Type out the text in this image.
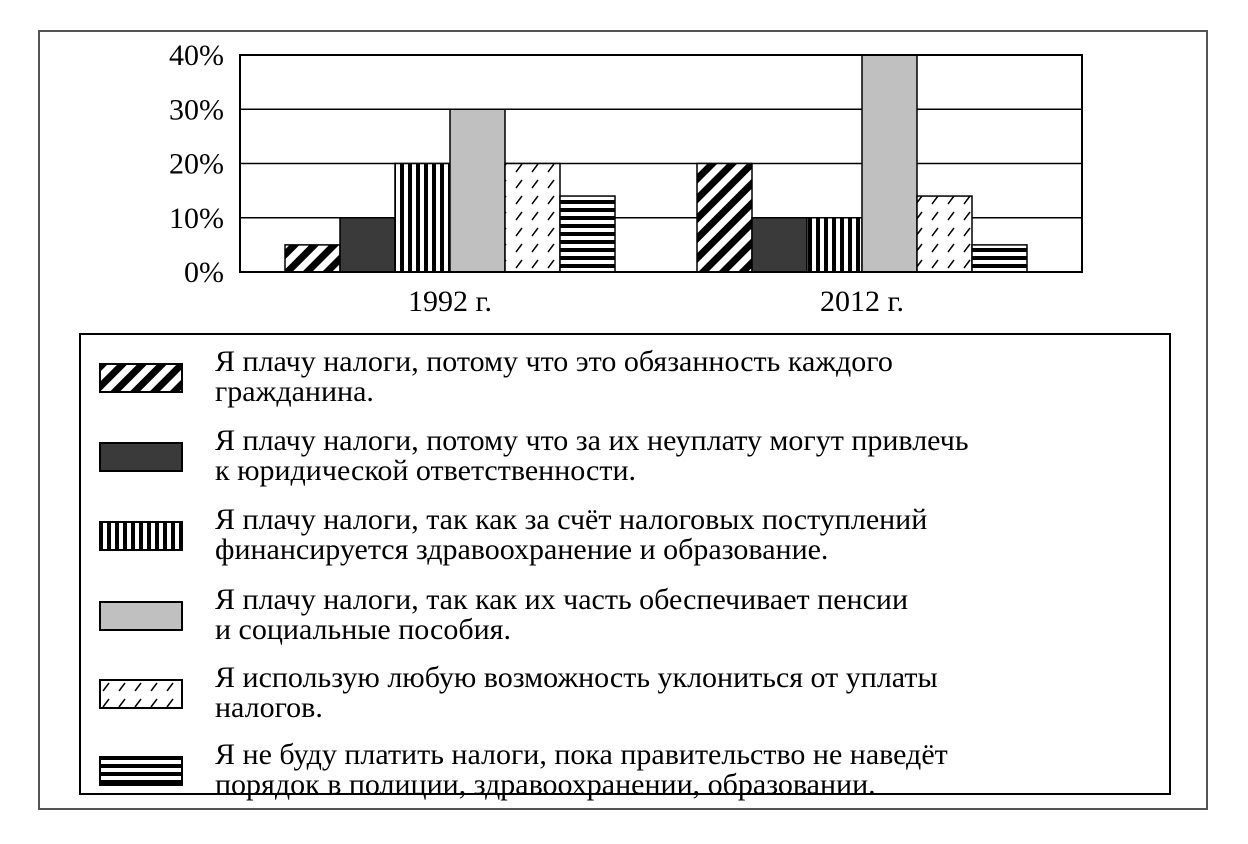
0%
10%
20%
30%
40%
1992 г.	2012 г.
Я плачу налоги, потому что это обязанность каждого
гражданина.
Я плачу налоги, потому что за их неуплату могут привлечь
к юридической ответственности.
Я плачу налоги, так как за счёт налоговых поступлений
финансируется здравоохранение и образование.
Я плачу налоги, так как их часть обеспечивает пенсии
и социальные пособия.
Я использую любую возможность уклониться от уплаты
налогов.
Я не буду платить налоги, пока правительство не наведёт
порядок в полиции, здравоохранении, образовании.
